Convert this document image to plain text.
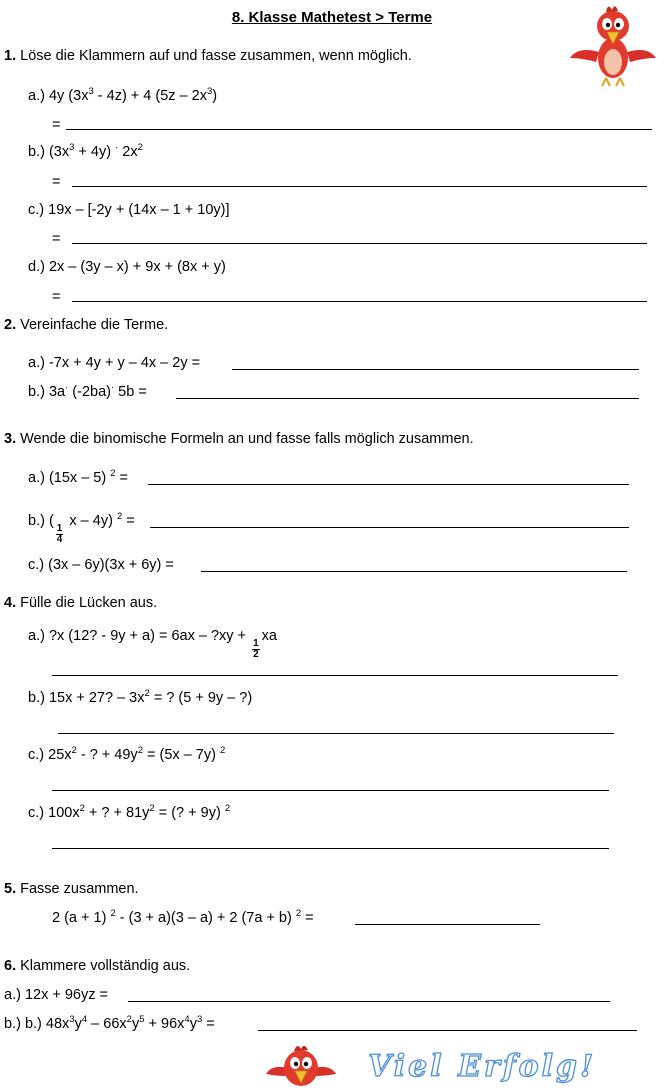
8. Klasse Mathetest > Terme
1. Löse die Klammern auf und fasse zusammen, wenn möglich.
a.) 4y $(3x^3 - 4z) + 4$ $(5z - 2x^3)$
=
b.) $(3x^3 + 4y)$ · $2x^2$
=
c.) 19x – [-2y + (14x – 1 + 10y)]
=
d.) 2x – (3y – x) + 9x + (8x + y)
=
2. Vereinfache die Terme.
a.) -7x + 4y + y – 4x – 2y =
b.) 3a· (-2ba)· 5b =
3. Wende die binomische Formeln an und fasse falls möglich zusammen.
a.) (15x – 5) $^2$ =
b.) (
$\frac{1}{4}$
x – 4y) $^2$ =
c.) (3x – 6y)(3x + 6y) =
4. Fülle die Lücken aus.
a.) ?x (12? - 9y + a) = 6ax – ?xy +
$\frac{1}{2}$
xa
b.) 15x + 27? – $3x^2$ = ? (5 + 9y – ?)
c.) $25x^2$ - ? + $49y^2 = (5x - 7y)$ $^2$
c.) $100x^2$ + ? + $81y^2$ = (? + 9y) $^2$
5. Fasse zusammen.
2 (a + 1) $^2$ - (3 + a)(3 – a) + 2 (7a + b) $^2$ =
6. Klammere vollständig aus.
a.) 12x + 96yz =
b.) b.) $48x^3y^4 - 66x^2y^5 + 96x^4y^3$ =
Viel Erfolg!
